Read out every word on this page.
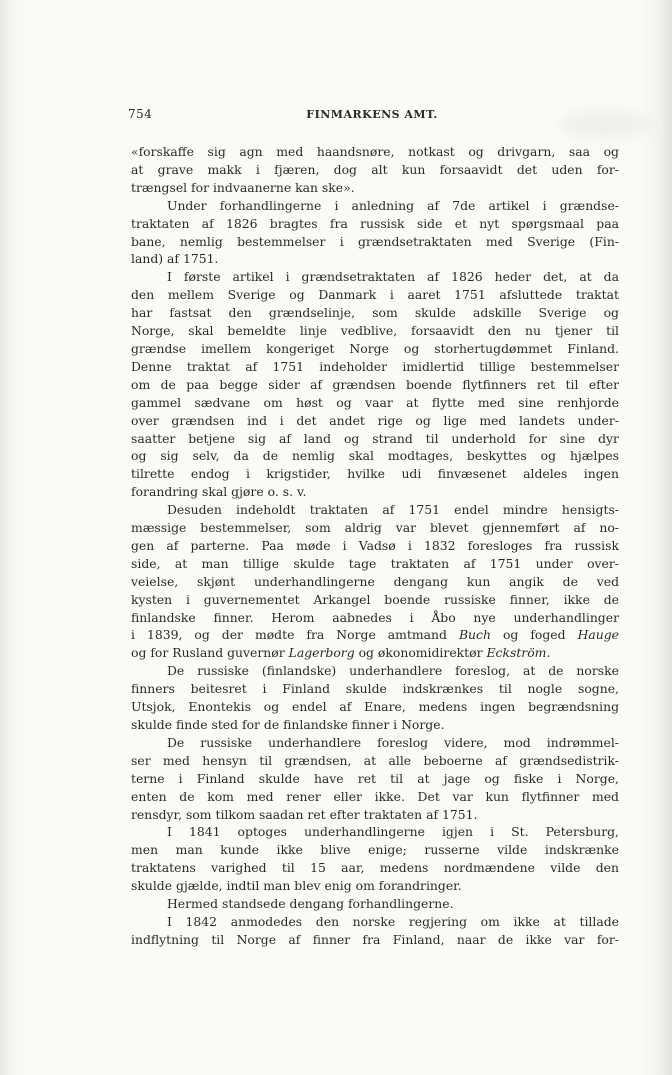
754	FINMARKENS AMT.
«forskaffe sig agn med haandsnøre, notkast og drivgarn, saa og
at grave makk i fjæren, dog alt kun forsaavidt det uden for-
trængsel for indvaanerne kan ske».
Under forhandlingerne i anledning af 7de artikel i grændse-
traktaten af 1826 bragtes fra russisk side et nyt spørgsmaal paa
bane, nemlig bestemmelser i grændsetraktaten med Sverige (Fin-
land) af 1751.
I første artikel i grændsetraktaten af 1826 heder det, at da
den mellem Sverige og Danmark i aaret 1751 afsluttede traktat
har fastsat den grændselinje, som skulde adskille Sverige og
Norge, skal bemeldte linje vedblive, forsaavidt den nu tjener til
grændse imellem kongeriget Norge og storhertugdømmet Finland.
Denne traktat af 1751 indeholder imidlertid tillige bestemmelser
om de paa begge sider af grændsen boende flytfinners ret til efter
gammel sædvane om høst og vaar at flytte med sine renhjorde
over grændsen ind i det andet rige og lige med landets under-
saatter betjene sig af land og strand til underhold for sine dyr
og sig selv, da de nemlig skal modtages, beskyttes og hjælpes
tilrette endog i krigstider, hvilke udi finvæsenet aldeles ingen
forandring skal gjøre o. s. v.
Desuden indeholdt traktaten af 1751 endel mindre hensigts-
mæssige bestemmelser, som aldrig var blevet gjennemført af no-
gen af parterne. Paa møde i Vadsø i 1832 foresloges fra russisk
side, at man tillige skulde tage traktaten af 1751 under over-
veielse, skjønt underhandlingerne dengang kun angik de ved
kysten i guvernementet Arkangel boende russiske finner, ikke de
finlandske finner. Herom aabnedes i Åbo nye underhandlinger
i 1839, og der mødte fra Norge amtmand Buch og foged Hauge
og for Rusland guvernør Lagerborg og økonomidirektør Eckström.
De russiske (finlandske) underhandlere foreslog, at de norske
finners beitesret i Finland skulde indskrænkes til nogle sogne,
Utsjok, Enontekis og endel af Enare, medens ingen begrændsning
skulde finde sted for de finlandske finner i Norge.
De russiske underhandlere foreslog videre, mod indrømmel-
ser med hensyn til grændsen, at alle beboerne af grændsedistrik-
terne i Finland skulde have ret til at jage og fiske i Norge,
enten de kom med rener eller ikke. Det var kun flytfinner med
rensdyr, som tilkom saadan ret efter traktaten af 1751.
I 1841 optoges underhandlingerne igjen i St. Petersburg,
men man kunde ikke blive enige; russerne vilde indskrænke
traktatens varighed til 15 aar, medens nordmændene vilde den
skulde gjælde, indtil man blev enig om forandringer.
Hermed standsede dengang forhandlingerne.
I 1842 anmodedes den norske regjering om ikke at tillade
indflytning til Norge af finner fra Finland, naar de ikke var for-
